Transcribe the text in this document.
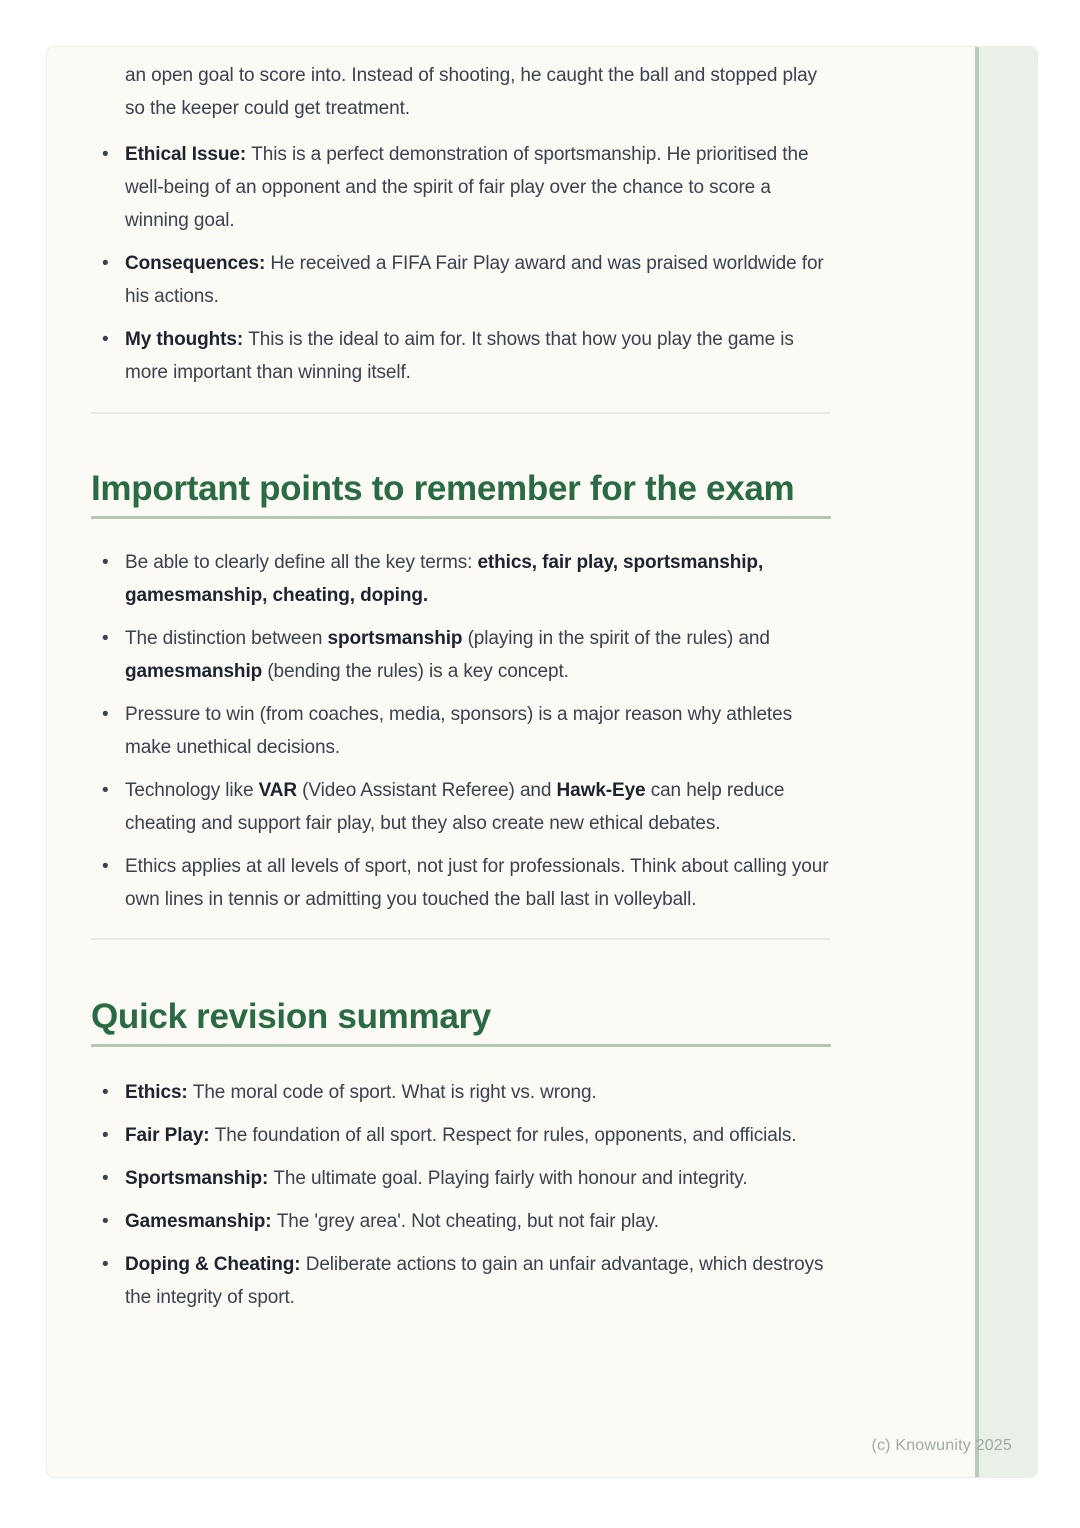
an open goal to score into. Instead of shooting, he caught the ball and stopped play so the keeper could get treatment.

• Ethical Issue: This is a perfect demonstration of sportsmanship. He prioritised the well-being of an opponent and the spirit of fair play over the chance to score a winning goal.
• Consequences: He received a FIFA Fair Play award and was praised worldwide for his actions.
• My thoughts: This is the ideal to aim for. It shows that how you play the game is more important than winning itself.
Important points to remember for the exam
• Be able to clearly define all the key terms: ethics, fair play, sportsmanship, gamesmanship, cheating, doping.
• The distinction between sportsmanship (playing in the spirit of the rules) and gamesmanship (bending the rules) is a key concept.
• Pressure to win (from coaches, media, sponsors) is a major reason why athletes make unethical decisions.
• Technology like VAR (Video Assistant Referee) and Hawk-Eye can help reduce cheating and support fair play, but they also create new ethical debates.
• Ethics applies at all levels of sport, not just for professionals. Think about calling your own lines in tennis or admitting you touched the ball last in volleyball.
Quick revision summary
• Ethics: The moral code of sport. What is right vs. wrong.
• Fair Play: The foundation of all sport. Respect for rules, opponents, and officials.
• Sportsmanship: The ultimate goal. Playing fairly with honour and integrity.
• Gamesmanship: The 'grey area'. Not cheating, but not fair play.
• Doping & Cheating: Deliberate actions to gain an unfair advantage, which destroys the integrity of sport.
(c) Knowunity 2025
